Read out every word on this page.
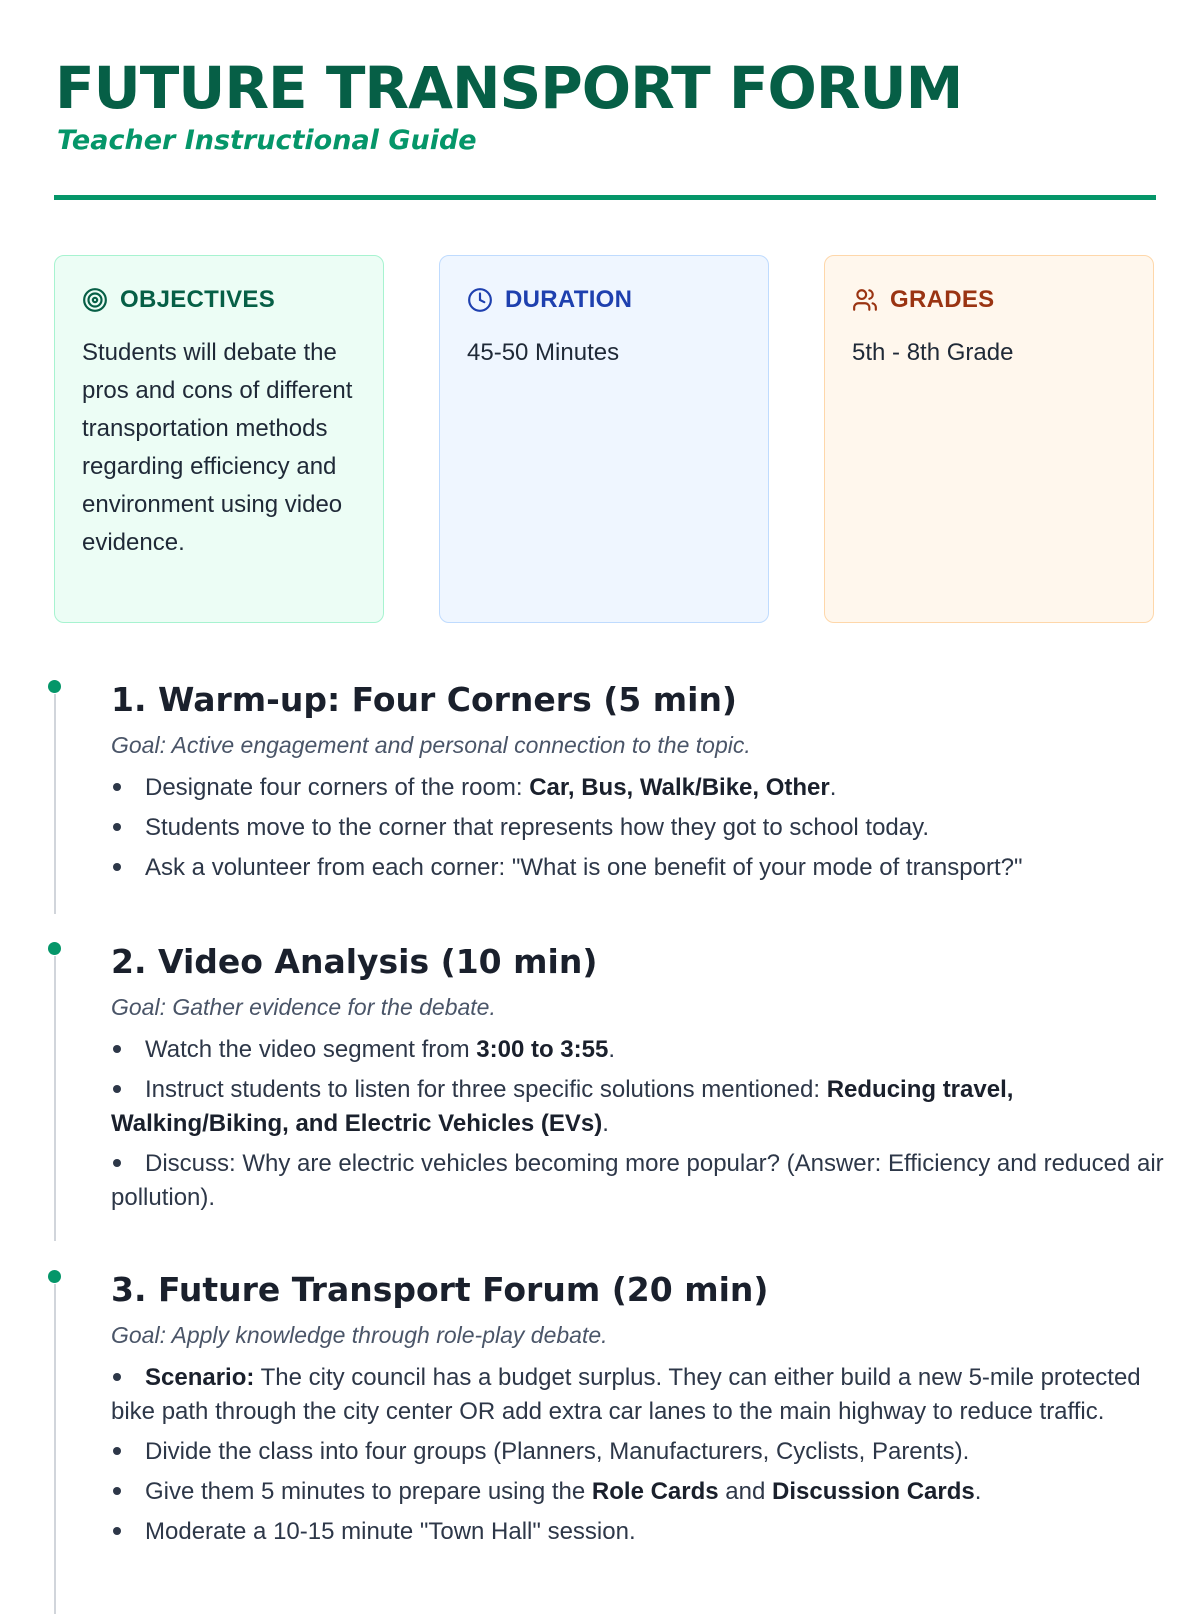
FUTURE TRANSPORT FORUM
Teacher Instructional Guide
OBJECTIVES
Students will debate the pros and cons of different transportation methods regarding efficiency and environment using video evidence.
DURATION
45-50 Minutes
GRADES
5th - 8th Grade
1. Warm-up: Four Corners (5 min)
Goal: Active engagement and personal connection to the topic.
Designate four corners of the room: Car, Bus, Walk/Bike, Other.
Students move to the corner that represents how they got to school today.
Ask a volunteer from each corner: "What is one benefit of your mode of transport?"
2. Video Analysis (10 min)
Goal: Gather evidence for the debate.
Watch the video segment from 3:00 to 3:55.
Instruct students to listen for three specific solutions mentioned: Reducing travel, Walking/Biking, and Electric Vehicles (EVs).
Discuss: Why are electric vehicles becoming more popular? (Answer: Efficiency and reduced air pollution).
3. Future Transport Forum (20 min)
Goal: Apply knowledge through role-play debate.
Scenario: The city council has a budget surplus. They can either build a new 5-mile protected bike path through the city center OR add extra car lanes to the main highway to reduce traffic.
Divide the class into four groups (Planners, Manufacturers, Cyclists, Parents).
Give them 5 minutes to prepare using the Role Cards and Discussion Cards.
Moderate a 10-15 minute "Town Hall" session.
